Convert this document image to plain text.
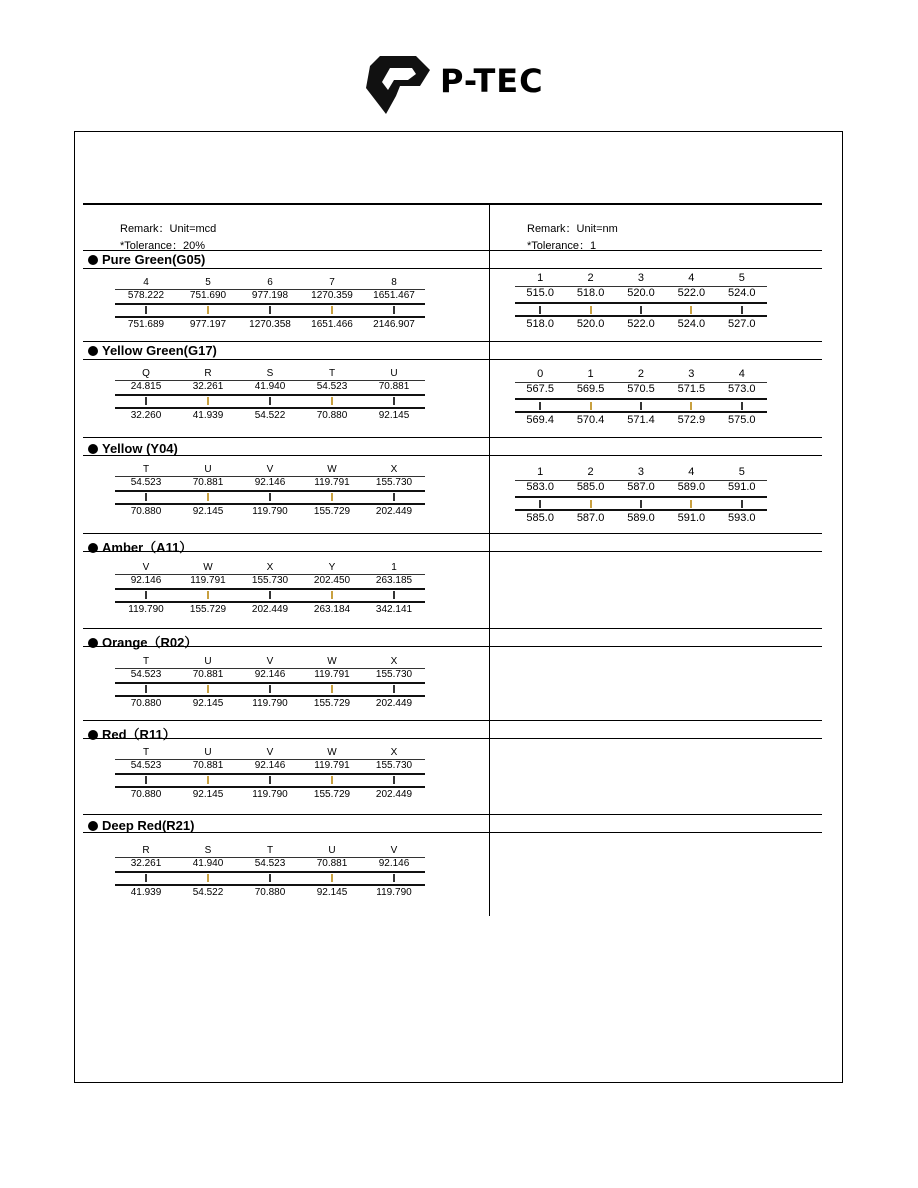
P-TEC
Remark：Unit=mcd
*Tolerance：20%
Remark：Unit=nm
*Tolerance：1
Pure Green(G05)
4	5	6	7	8
578.222	751.690	977.198	1270.359	1651.467
751.689	977.197	1270.358	1651.466	2146.907
1	2	3	4	5
515.0	518.0	520.0	522.0	524.0
518.0	520.0	522.0	524.0	527.0
Yellow Green(G17)
Q	R	S	T	U
24.815	32.261	41.940	54.523	70.881
32.260	41.939	54.522	70.880	92.145
0	1	2	3	4
567.5	569.5	570.5	571.5	573.0
569.4	570.4	571.4	572.9	575.0
Yellow (Y04)
T	U	V	W	X
54.523	70.881	92.146	119.791	155.730
70.880	92.145	119.790	155.729	202.449
1	2	3	4	5
583.0	585.0	587.0	589.0	591.0
585.0	587.0	589.0	591.0	593.0
Amber（A11）
V	W	X	Y	1
92.146	119.791	155.730	202.450	263.185
119.790	155.729	202.449	263.184	342.141
Orange（R02）
T	U	V	W	X
54.523	70.881	92.146	119.791	155.730
70.880	92.145	119.790	155.729	202.449
Red（R11）
T	U	V	W	X
54.523	70.881	92.146	119.791	155.730
70.880	92.145	119.790	155.729	202.449
Deep Red(R21)
R	S	T	U	V
32.261	41.940	54.523	70.881	92.146
41.939	54.522	70.880	92.145	119.790
